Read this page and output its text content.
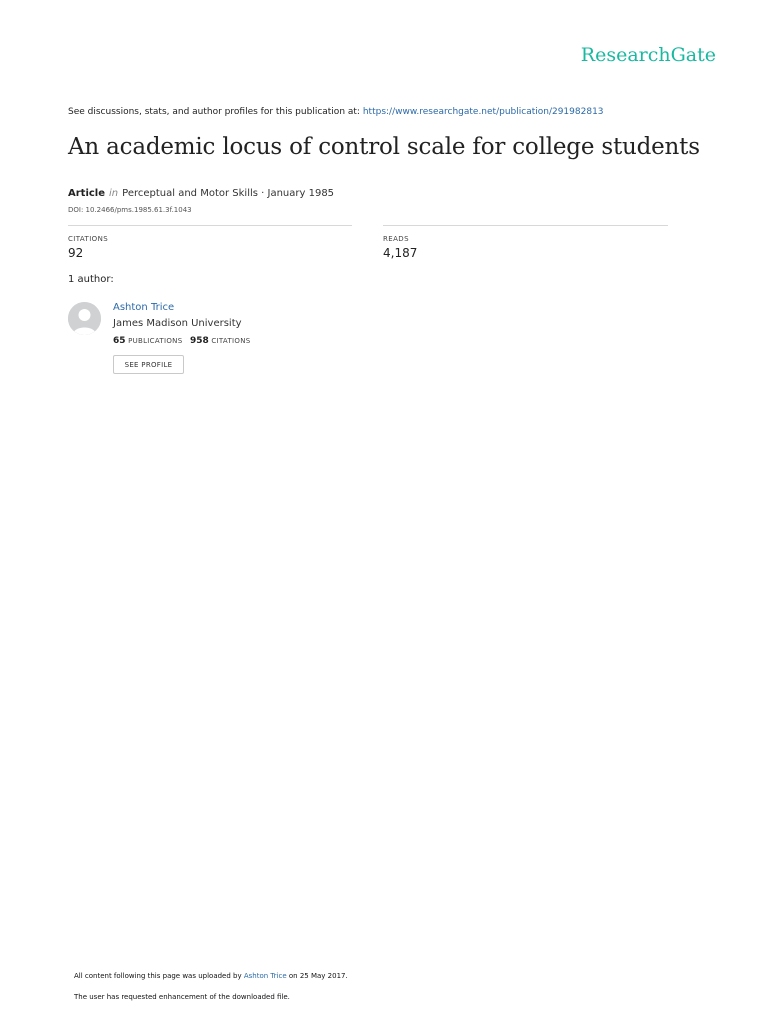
ResearchGate
See discussions, stats, and author profiles for this publication at: https://www.researchgate.net/publication/291982813
An academic locus of control scale for college students
Article in Perceptual and Motor Skills · January 1985
DOI: 10.2466/pms.1985.61.3f.1043
CITATIONS
92
READS
4,187
1 author:
Ashton Trice
James Madison University
65 PUBLICATIONS 958 CITATIONS
SEE PROFILE
All content following this page was uploaded by Ashton Trice on 25 May 2017.
The user has requested enhancement of the downloaded file.
